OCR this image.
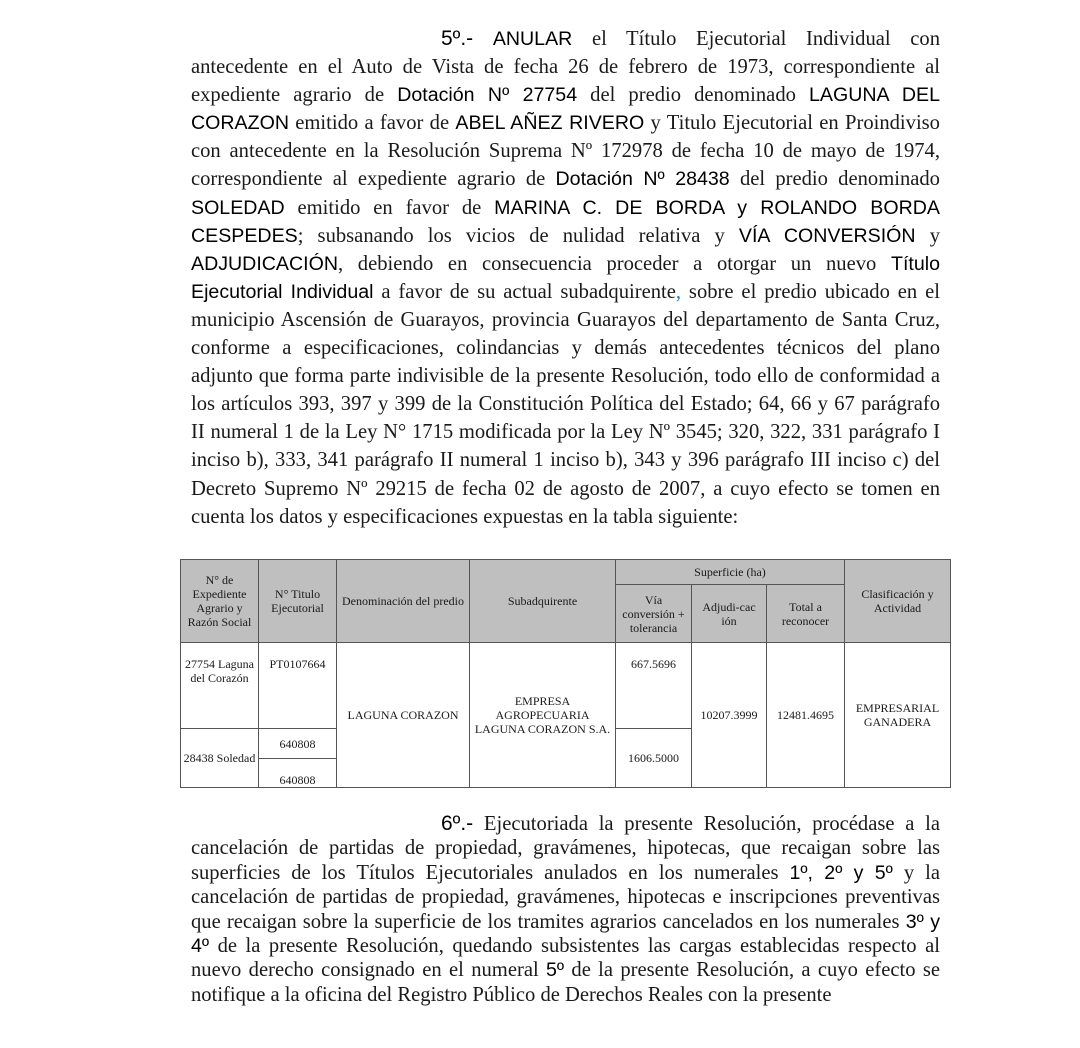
5º.- ANULAR el Título Ejecutorial Individual con antecedente en el Auto de Vista de fecha 26 de febrero de 1973, correspondiente al expediente agrario de Dotación Nº 27754 del predio denominado LAGUNA DEL CORAZON emitido a favor de ABEL AÑEZ RIVERO y Titulo Ejecutorial en Proindiviso con antecedente en la Resolución Suprema Nº 172978 de fecha 10 de mayo de 1974, correspondiente al expediente agrario de Dotación Nº 28438 del predio denominado SOLEDAD emitido en favor de MARINA C. DE BORDA y ROLANDO BORDA CESPEDES; subsanando los vicios de nulidad relativa y VÍA CONVERSIÓN y ADJUDICACIÓN, debiendo en consecuencia proceder a otorgar un nuevo Título Ejecutorial Individual a favor de su actual subadquirente, sobre el predio ubicado en el municipio Ascensión de Guarayos, provincia Guarayos del departamento de Santa Cruz, conforme a especificaciones, colindancias y demás antecedentes técnicos del plano adjunto que forma parte indivisible de la presente Resolución, todo ello de conformidad a los artículos 393, 397 y 399 de la Constitución Política del Estado; 64, 66 y 67 parágrafo II numeral 1 de la Ley N° 1715 modificada por la Ley Nº 3545; 320, 322, 331 parágrafo I inciso b), 333, 341 parágrafo II numeral 1 inciso b), 343 y 396 parágrafo III inciso c) del Decreto Supremo Nº 29215 de fecha 02 de agosto de 2007, a cuyo efecto se tomen en cuenta los datos y especificaciones expuestas en la tabla siguiente:

N° de Expediente Agrario y Razón Social	N° Titulo Ejecutorial	Denominación del predio	Subadquirente	Superficie (ha)			Clasificación y Actividad
				Vía conversión + tolerancia	Adjudi-cac ión	Total a reconocer	
27754 Laguna del Corazón	PT0107664	LAGUNA CORAZON	EMPRESA AGROPECUARIA LAGUNA CORAZON S.A.	667.5696	10207.3999	12481.4695	EMPRESARIAL GANADERA

28438 Soledad	640808			1606.5000			
	640808						

6º.- Ejecutoriada la presente Resolución, procédase a la cancelación de partidas de propiedad, gravámenes, hipotecas, que recaigan sobre las superficies de los Títulos Ejecutoriales anulados en los numerales 1º, 2º y 5º y la cancelación de partidas de propiedad, gravámenes, hipotecas e inscripciones preventivas que recaigan sobre la superficie de los tramites agrarios cancelados en los numerales 3º y 4º de la presente Resolución, quedando subsistentes las cargas establecidas respecto al nuevo derecho consignado en el numeral 5º de la presente Resolución, a cuyo efecto se notifique a la oficina del Registro Público de Derechos Reales con la presente
